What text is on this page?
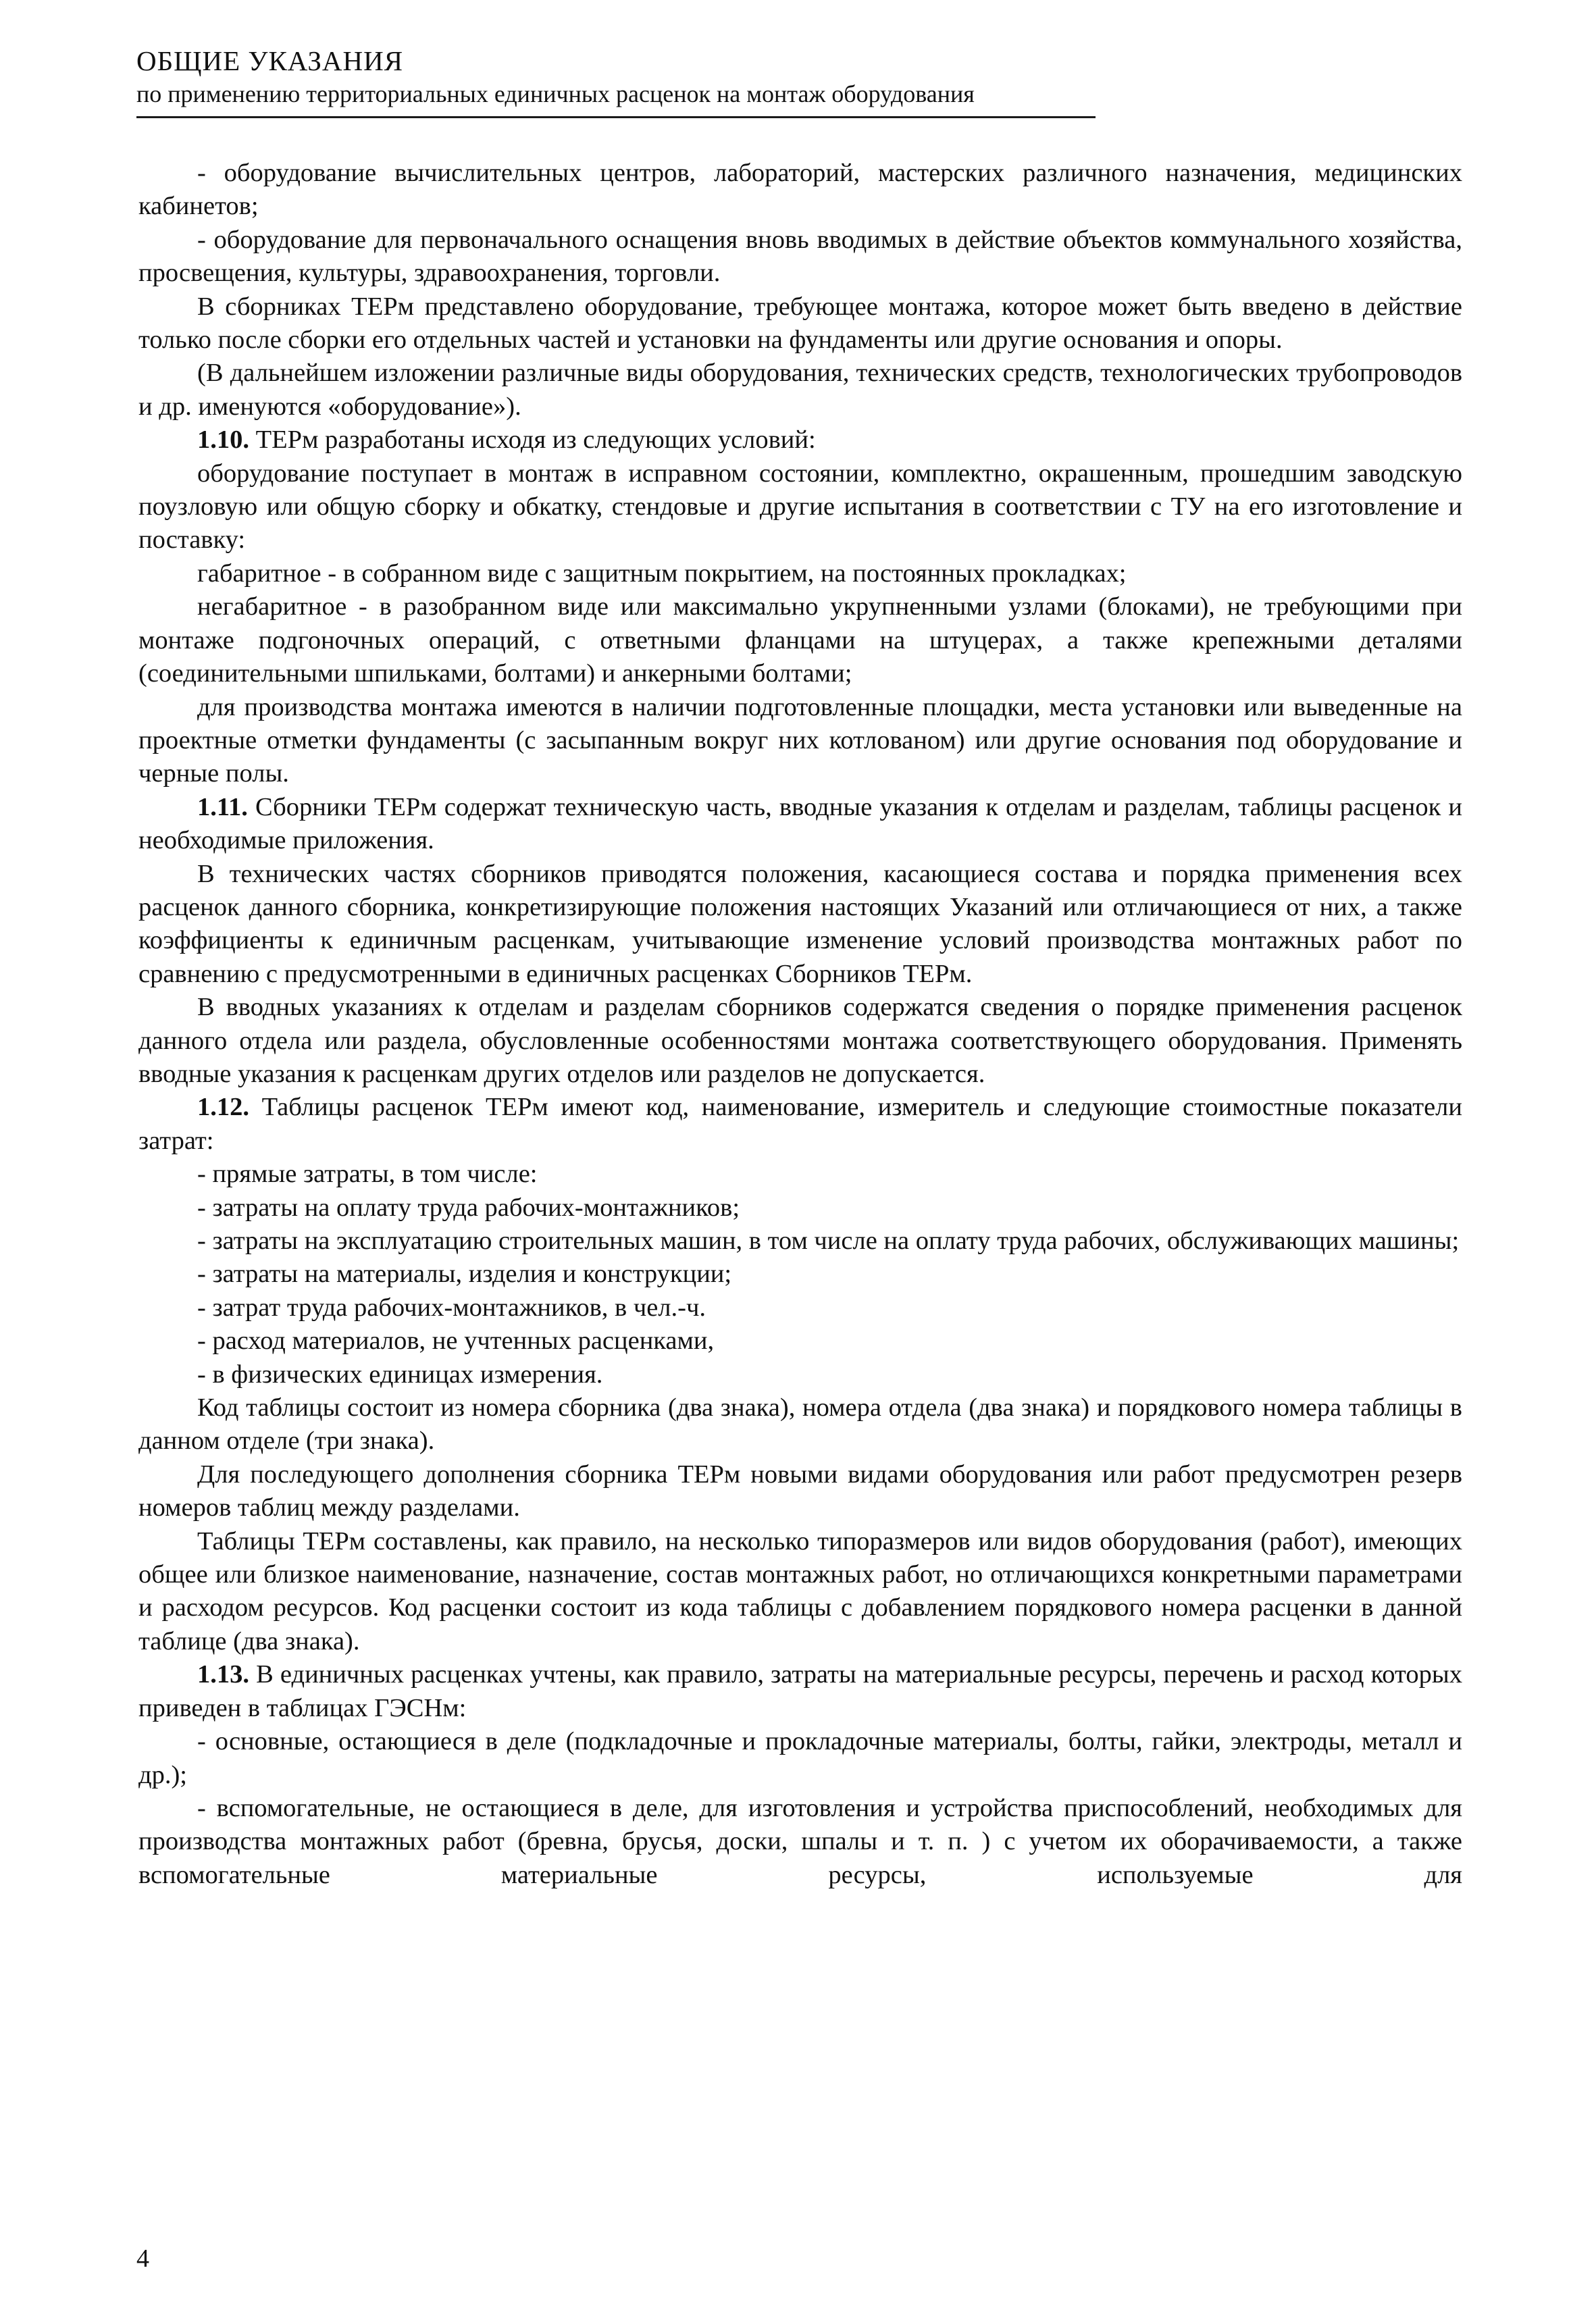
ОБЩИЕ УКАЗАНИЯ
по применению территориальных единичных расценок на монтаж оборудования

- оборудование вычислительных центров, лабораторий, мастерских различного назначения, медицинских кабинетов;

- оборудование для первоначального оснащения вновь вводимых в действие объектов коммунального хозяйства, просвещения, культуры, здравоохранения, торговли.

В сборниках ТЕРм представлено оборудование, требующее монтажа, которое может быть введено в действие только после сборки его отдельных частей и установки на фундаменты или другие основания и опоры.

(В дальнейшем изложении различные виды оборудования, технических средств, технологических трубопроводов и др. именуются «оборудование»).

1.10. ТЕРм разработаны исходя из следующих условий:

оборудование поступает в монтаж в исправном состоянии, комплектно, окрашенным, прошедшим заводскую поузловую или общую сборку и обкатку, стендовые и другие испытания в соответствии с ТУ на его изготовление и поставку:

габаритное - в собранном виде с защитным покрытием, на постоянных прокладках;

негабаритное - в разобранном виде или максимально укрупненными узлами (блоками), не требующими при монтаже подгоночных операций, с ответными фланцами на штуцерах, а также крепежными деталями (соединительными шпильками, болтами) и анкерными болтами;

для производства монтажа имеются в наличии подготовленные площадки, места установки или выведенные на проектные отметки фундаменты (с засыпанным вокруг них котлованом) или другие основания под оборудование и черные полы.

1.11. Сборники ТЕРм содержат техническую часть, вводные указания к отделам и разделам, таблицы расценок и необходимые приложения.

В технических частях сборников приводятся положения, касающиеся состава и порядка применения всех расценок данного сборника, конкретизирующие положения настоящих Указаний или отличающиеся от них, а также коэффициенты к единичным расценкам, учитывающие изменение условий производства монтажных работ по сравнению с предусмотренными в единичных расценках Сборников ТЕРм.

В вводных указаниях к отделам и разделам сборников содержатся сведения о порядке применения расценок данного отдела или раздела, обусловленные особенностями монтажа соответствующего оборудования. Применять вводные указания к расценкам других отделов или разделов не допускается.

1.12. Таблицы расценок ТЕРм имеют код, наименование, измеритель и следующие стоимостные показатели затрат:

- прямые затраты, в том числе:

- затраты на оплату труда рабочих-монтажников;

- затраты на эксплуатацию строительных машин, в том числе на оплату труда рабочих, обслуживающих машины;

- затраты на материалы, изделия и конструкции;

- затрат труда рабочих-монтажников, в чел.-ч.

- расход материалов, не учтенных расценками,

- в физических единицах измерения.

Код таблицы состоит из номера сборника (два знака), номера отдела (два знака) и порядкового номера таблицы в данном отделе (три знака).

Для последующего дополнения сборника ТЕРм новыми видами оборудования или работ предусмотрен резерв номеров таблиц между разделами.

Таблицы ТЕРм составлены, как правило, на несколько типоразмеров или видов оборудования (работ), имеющих общее или близкое наименование, назначение, состав монтажных работ, но отличающихся конкретными параметрами и расходом ресурсов. Код расценки состоит из кода таблицы с добавлением порядкового номера расценки в данной таблице (два знака).

1.13. В единичных расценках учтены, как правило, затраты на материальные ресурсы, перечень и расход которых приведен в таблицах ГЭСНм:

- основные, остающиеся в деле (подкладочные и прокладочные материалы, болты, гайки, электроды, металл и др.);

- вспомогательные, не остающиеся в деле, для изготовления и устройства приспособлений, необходимых для производства монтажных работ (бревна, брусья, доски, шпалы и т. п. ) с учетом их оборачиваемости, а также вспомогательные материальные ресурсы, используемые для

4
